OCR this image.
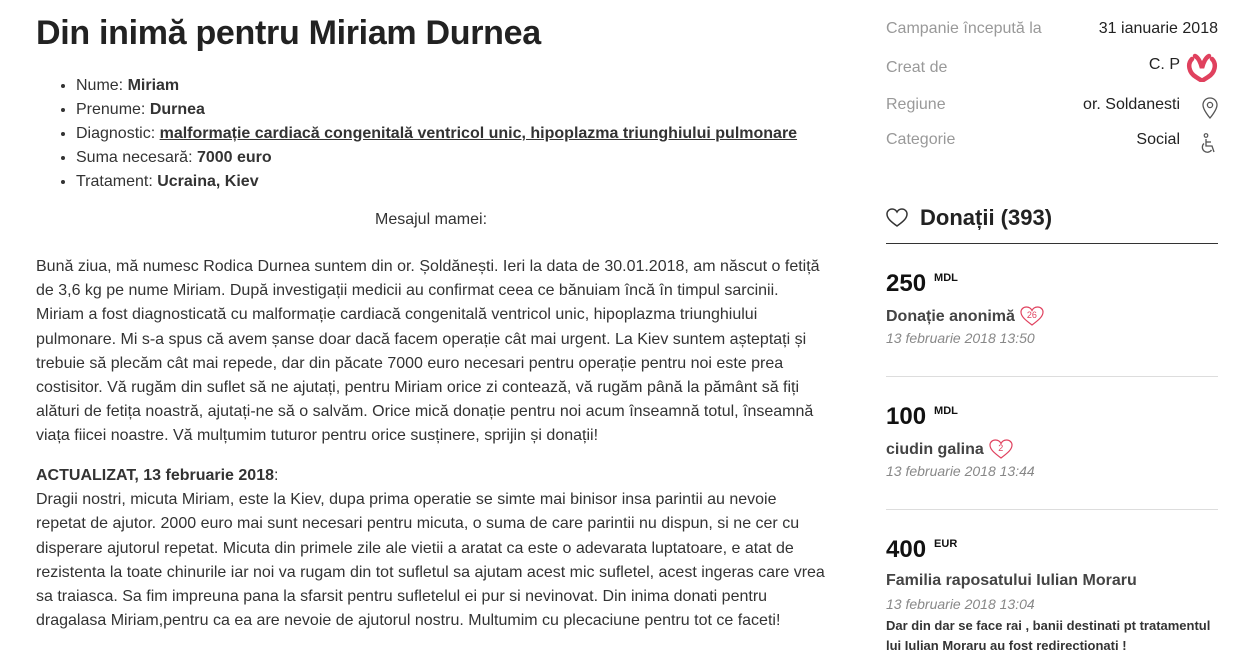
Din inimă pentru Miriam Durnea
• Nume: Miriam
• Prenume: Durnea
• Diagnostic: malformație cardiacă congenitală ventricol unic, hipoplazma triunghiului pulmonare
• Suma necesară: 7000 euro
• Tratament: Ucraina, Kiev
Mesajul mamei:

Bună ziua, mă numesc Rodica Durnea suntem din or. Șoldănești. Ieri la data de 30.01.2018, am născut o fetiță de 3,6 kg pe nume Miriam. După investigații medicii au confirmat ceea ce bănuiam încă în timpul sarcinii. Miriam a fost diagnosticată cu malformație cardiacă congenitală ventricol unic, hipoplazma triunghiului pulmonare. Mi s-a spus că avem șanse doar dacă facem operație cât mai urgent. La Kiev suntem așteptați și trebuie să plecăm cât mai repede, dar din păcate 7000 euro necesari pentru operație pentru noi este prea costisitor. Vă rugăm din suflet să ne ajutați, pentru Miriam orice zi contează, vă rugăm până la pământ să fiți alături de fetița noastră, ajutați-ne să o salvăm. Orice mică donație pentru noi acum înseamnă totul, înseamnă viața fiicei noastre. Vă mulțumim tuturor pentru orice susținere, sprijin și donații!

ACTUALIZAT, 13 februarie 2018:
Dragii nostri, micuta Miriam, este la Kiev, dupa prima operatie se simte mai binisor insa parintii au nevoie repetat de ajutor. 2000 euro mai sunt necesari pentru micuta, o suma de care parintii nu dispun, si ne cer cu disperare ajutorul repetat. Micuta din primele zile ale vietii a aratat ca este o adevarata luptatoare, e atat de rezistenta la toate chinurile iar noi va rugam din tot sufletul sa ajutam acest mic sufletel, acest ingeras care vrea sa traiasca. Sa fim impreuna pana la sfarsit pentru sufletelul ei pur si nevinovat. Din inima donati pentru dragalasa Miriam,pentru ca ea are nevoie de ajutorul nostru. Multumim cu plecaciune pentru tot ce faceti!

Campanie începută la	31 ianuarie 2018
Creat de	C. P
Regiune	or. Soldanesti
Categorie	Social
Donații (393)
250 $^{MDL}$
Donație anonimă	26
13 februarie 2018 13:50
100 $^{MDL}$
ciudin galina	2
13 februarie 2018 13:44
400 $^{EUR}$
Familia raposatului Iulian Moraru
13 februarie 2018 13:04
Dar din dar se face rai , banii destinati pt tratamentul lui Iulian Moraru au fost redirectionati !
